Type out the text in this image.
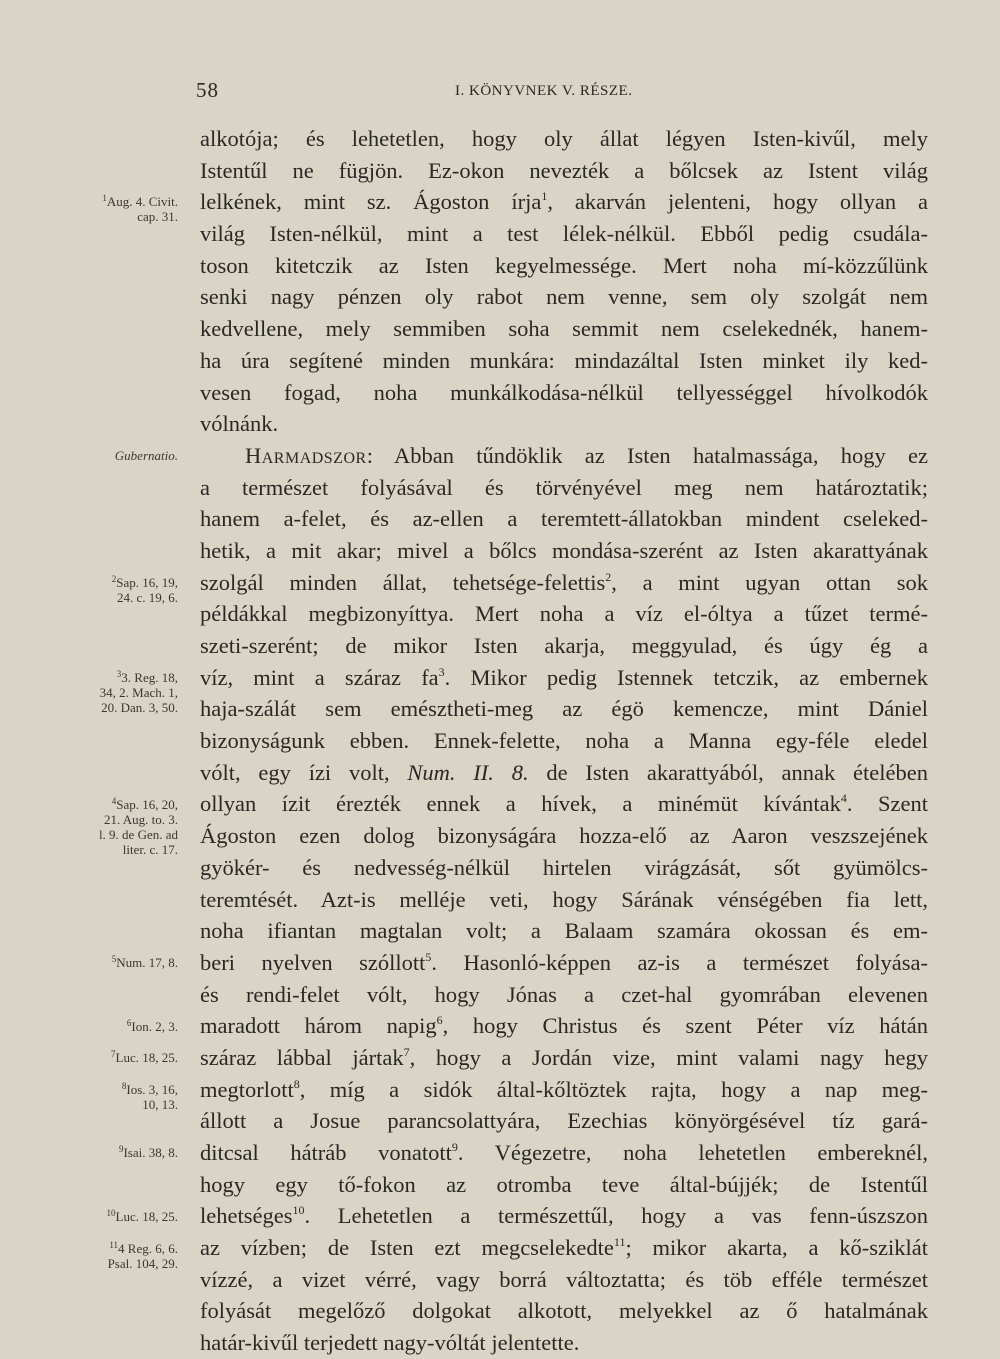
58	I. KÖNYVNEK V. RÉSZE.
alkotója; és lehetetlen, hogy oly állat légyen Isten-kivűl, mely
Istentűl ne fügjön. Ez-okon nevezték a bőlcsek az Istent világ
lelkének, mint sz. Ágoston írja$^1$, akarván jelenteni, hogy ollyan a
világ Isten-nélkül, mint a test lélek-nélkül. Ebből pedig csudála-
toson kitetczik az Isten kegyelmessége. Mert noha mí-közzűlünk
senki nagy pénzen oly rabot nem venne, sem oly szolgát nem
kedvellene, mely semmiben soha semmit nem cselekednék, hanem-
ha úra segítené minden munkára: mindazáltal Isten minket ily ked-
vesen fogad, noha munkálkodása-nélkül tellyességgel hívolkodók
vólnánk.
Harmadszor: Abban tűndöklik az Isten hatalmassága, hogy ez
a természet folyásával és törvényével meg nem határoztatik;
hanem a-felet, és az-ellen a teremtett-állatokban mindent cseleked-
hetik, a mit akar; mivel a bőlcs mondása-szerént az Isten akarattyának
szolgál minden állat, tehetsége-felettis$^2$, a mint ugyan ottan sok
példákkal megbizonyíttya. Mert noha a víz el-óltya a tűzet termé-
szeti-szerént; de mikor Isten akarja, meggyulad, és úgy ég a
víz, mint a száraz $fa^3$. Mikor pedig Istennek tetczik, az embernek
haja-szálát sem emésztheti-meg az égö kemencze, mint Dániel
bizonyságunk ebben. Ennek-felette, noha a Manna egy-féle eledel
vólt, egy ízi volt, Num. II. 8. de Isten akarattyából, annak ételében
ollyan ízit érezték ennek a hívek, a minémüt kívántak$^4$. Szent
Ágoston ezen dolog bizonyságára hozza-elő az Aaron veszszejének
gyökér- és nedvesség-nélkül hirtelen virágzását, sőt gyümölcs-
teremtését. Azt-is melléje veti, hogy Sárának vénségében fia lett,
noha ifiantan magtalan volt; a Balaam szamára okossan és em-
beri nyelven szóllott$^5$. Hasonló-képpen az-is a természet folyása-
és rendi-felet vólt, hogy Jónas a czet-hal gyomrában elevenen
maradott három napig$^6$, hogy Christus és szent Péter víz hátán
száraz lábbal jártak$^7$, hogy a Jordán vize, mint valami nagy hegy
megtorlott$^8$, míg a sidók által-kőltöztek rajta, hogy a nap meg-
állott a Josue parancsolattyára, Ezechias könyörgésével tíz gará-
ditcsal hátráb vonatott$^9$. Végezetre, noha lehetetlen embereknél,
hogy egy tő-fokon az otromba teve által-bújjék; de Istentűl
lehetséges$^{10}$. Lehetetlen a természettűl, hogy a vas fenn-úszszon
az vízben; de Isten ezt megcselekedte$^{11}$; mikor akarta, a kő-sziklát
vízzé, a vizet vérré, vagy borrá változtatta; és töb efféle természet
folyását megelőző dolgokat alkotott, melyekkel az ő hatalmának
határ-kivűl terjedett nagy-vóltát jelentette.
$^1$Aug. 4. Civit.
cap. 31.
Gubernatio.
$^2$Sap. 16, 19,
24. c. 19, 6.
$^3$3. Reg. 18,
34, 2. Mach. 1,
20. Dan. 3, 50.
$^4$Sap. 16, 20,
21. Aug. to. 3.
l. 9. de Gen. ad
liter. c. 17.
$^5$Num. 17, 8.
$^6$Ion. 2, 3.
$^7$Luc. 18, 25.
$^8$Ios. 3, 16,
10, 13.
$^9$Isai. 38, 8.
$^{10}$Luc. 18, 25.
$^{11}$4 Reg. 6, 6.
Psal. 104, 29.
